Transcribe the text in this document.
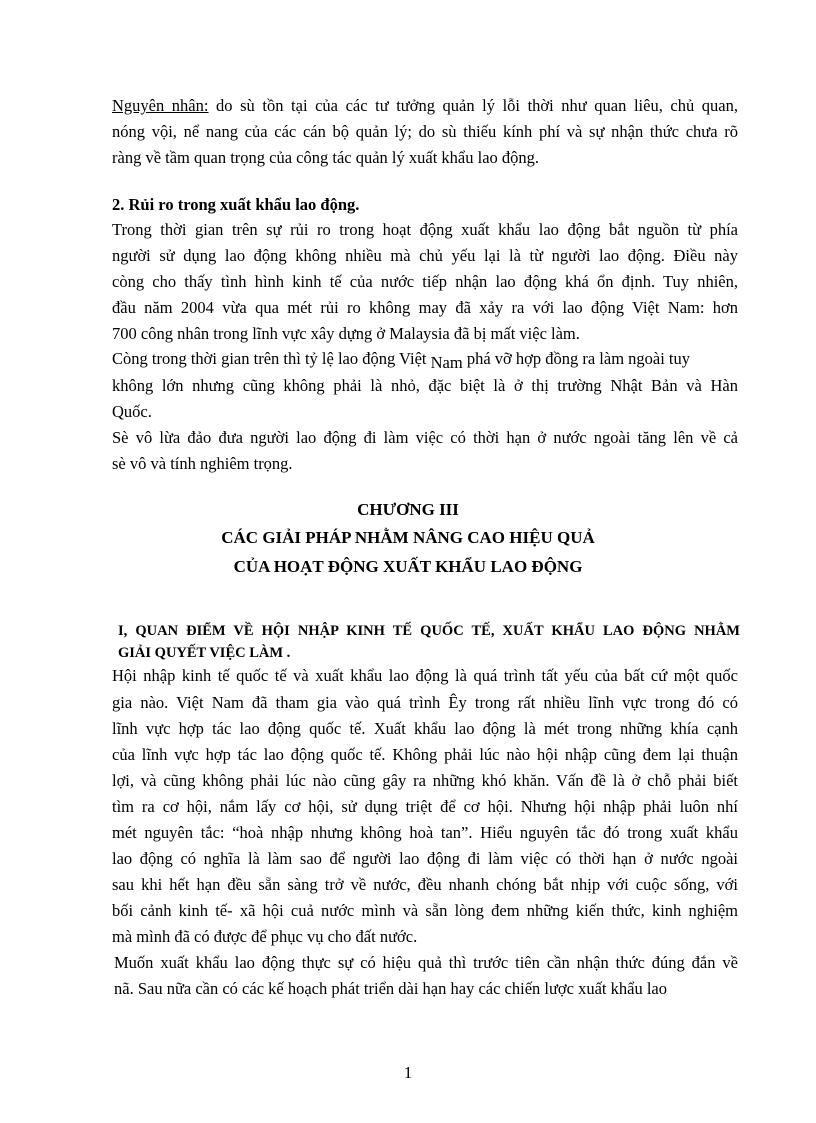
Nguyên nhân: do sù tồn tại của các tư tưởng quản lý lỗi thời như quan liêu, chủ quan,
nóng vội, nể nang của các cán bộ quản lý; do sù thiếu kính phí và sự nhận thức chưa rõ
ràng về tầm quan trọng của công tác quản lý xuất khẩu lao động.
2. Rủi ro trong xuất khẩu lao động.
Trong thời gian trên sự rủi ro trong hoạt động xuất khẩu lao động bắt nguồn từ phía
người sử dụng lao động không nhiều mà chủ yếu lại là từ người lao động. Điều này
còng cho thấy tình hình kinh tế của nước tiếp nhận lao động khá ổn định. Tuy nhiên,
đầu năm 2004 vừa qua mét rủi ro không may đã xảy ra với lao động Việt Nam: hơn
700 công nhân trong lĩnh vực xây dựng ở Malaysia đã bị mất việc làm.
Còng trong thời gian trên thì tỷ lệ lao động Việt Nam phá vỡ hợp đồng ra làm ngoài tuy
không lớn nhưng cũng không phải là nhỏ, đặc biệt là ở thị trường Nhật Bản và Hàn
Quốc.
Sè vô lừa đảo đưa người lao động đi làm việc có thời hạn ở nước ngoài tăng lên về cả
sè vô và tính nghiêm trọng.
CHƯƠNG III
CÁC GIẢI PHÁP NHẰM NÂNG CAO HIỆU QUẢ
CỦA HOẠT ĐỘNG XUẤT KHẨU LAO ĐỘNG
I, QUAN ĐIỂM VỀ HỘI NHẬP KINH TẾ QUỐC TẾ, XUẤT KHẨU LAO ĐỘNG NHẰM
GIẢI QUYẾT VIỆC LÀM .
Hội nhập kinh tế quốc tế và xuất khẩu lao động là quá trình tất yếu của bất cứ một quốc
gia nào. Việt Nam đã tham gia vào quá trình Êy trong rất nhiều lĩnh vực trong đó có
lĩnh vực hợp tác lao động quốc tế. Xuất khẩu lao động là mét trong những khía cạnh
của lĩnh vực hợp tác lao động quốc tế. Không phải lúc nào hội nhập cũng đem lại thuận
lợi, và cũng không phải lúc nào cũng gây ra những khó khăn. Vấn đề là ở chỗ phải biết
tìm ra cơ hội, nắm lấy cơ hội, sử dụng triệt để cơ hội. Nhưng hội nhập phải luôn nhí
mét nguyên tắc: “hoà nhập nhưng không hoà tan”. Hiểu nguyên tắc đó trong xuất khẩu
lao động có nghĩa là làm sao để người lao động đi làm việc có thời hạn ở nước ngoài
sau khi hết hạn đều sẵn sàng trở về nước, đều nhanh chóng bắt nhịp với cuộc sống, với
bối cảnh kinh tế- xã hội cuả nước mình và sẵn lòng đem những kiến thức, kinh nghiệm
mà mình đã có được để phục vụ cho đất nước.
Muốn xuất khẩu lao động thực sự có hiệu quả thì trước tiên cần nhận thức đúng đắn về
nã. Sau nữa cần có các kế hoạch phát triển dài hạn hay các chiến lược xuất khẩu lao
1
